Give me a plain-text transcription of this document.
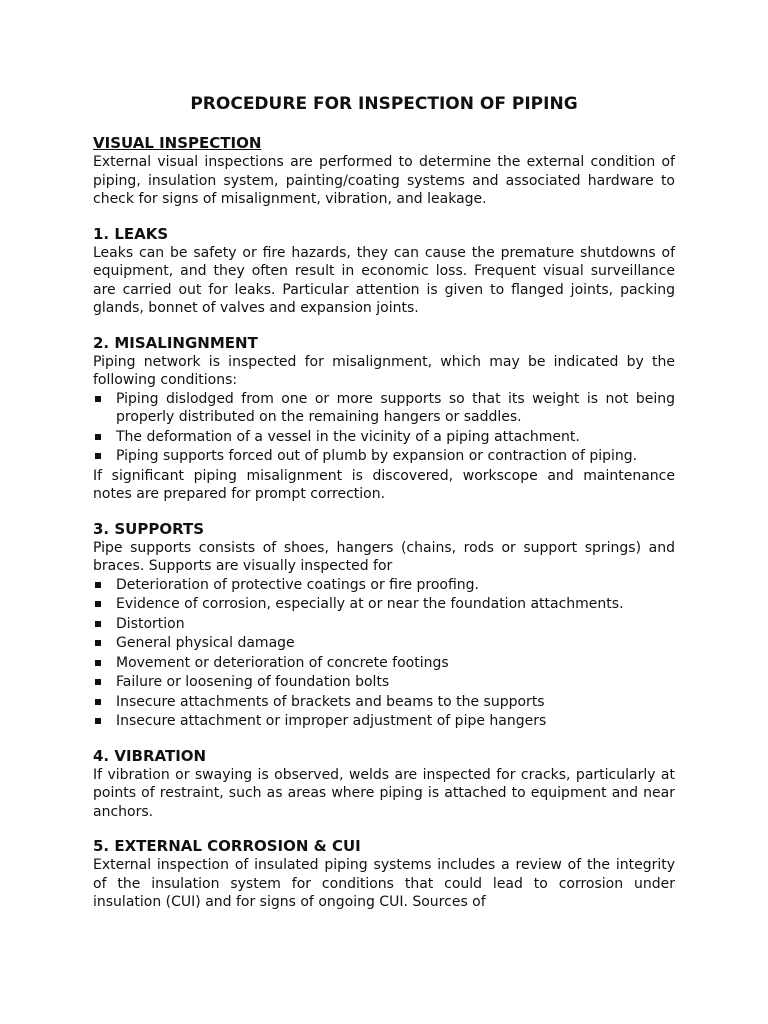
PROCEDURE FOR INSPECTION OF PIPING
VISUAL INSPECTION

External visual inspections are performed to determine the external condition of piping, insulation system, painting/coating systems and associated hardware to check for signs of misalignment, vibration, and leakage.

1. LEAKS

Leaks can be safety or fire hazards, they can cause the premature shutdowns of equipment, and they often result in economic loss. Frequent visual surveillance are carried out for leaks. Particular attention is given to flanged joints, packing glands, bonnet of valves and expansion joints.

2. MISALINGNMENT

Piping network is inspected for misalignment, which may be indicated by the following conditions:

Piping dislodged from one or more supports so that its weight is not being properly distributed on the remaining hangers or saddles.
The deformation of a vessel in the vicinity of a piping attachment.
Piping supports forced out of plumb by expansion or contraction of piping.

If significant piping misalignment is discovered, workscope and maintenance notes are prepared for prompt correction.

3. SUPPORTS

Pipe supports consists of shoes, hangers (chains, rods or support springs) and braces. Supports are visually inspected for

Deterioration of protective coatings or fire proofing.
Evidence of corrosion, especially at or near the foundation attachments.
Distortion
General physical damage
Movement or deterioration of concrete footings
Failure or loosening of foundation bolts
Insecure attachments of brackets and beams to the supports
Insecure attachment or improper adjustment of pipe hangers
4. VIBRATION

If vibration or swaying is observed, welds are inspected for cracks, particularly at points of restraint, such as areas where piping is attached to equipment and near anchors.

5. EXTERNAL CORROSION & CUI

External inspection of insulated piping systems includes a review of the integrity of the insulation system for conditions that could lead to corrosion under insulation (CUI) and for signs of ongoing CUI. Sources of
